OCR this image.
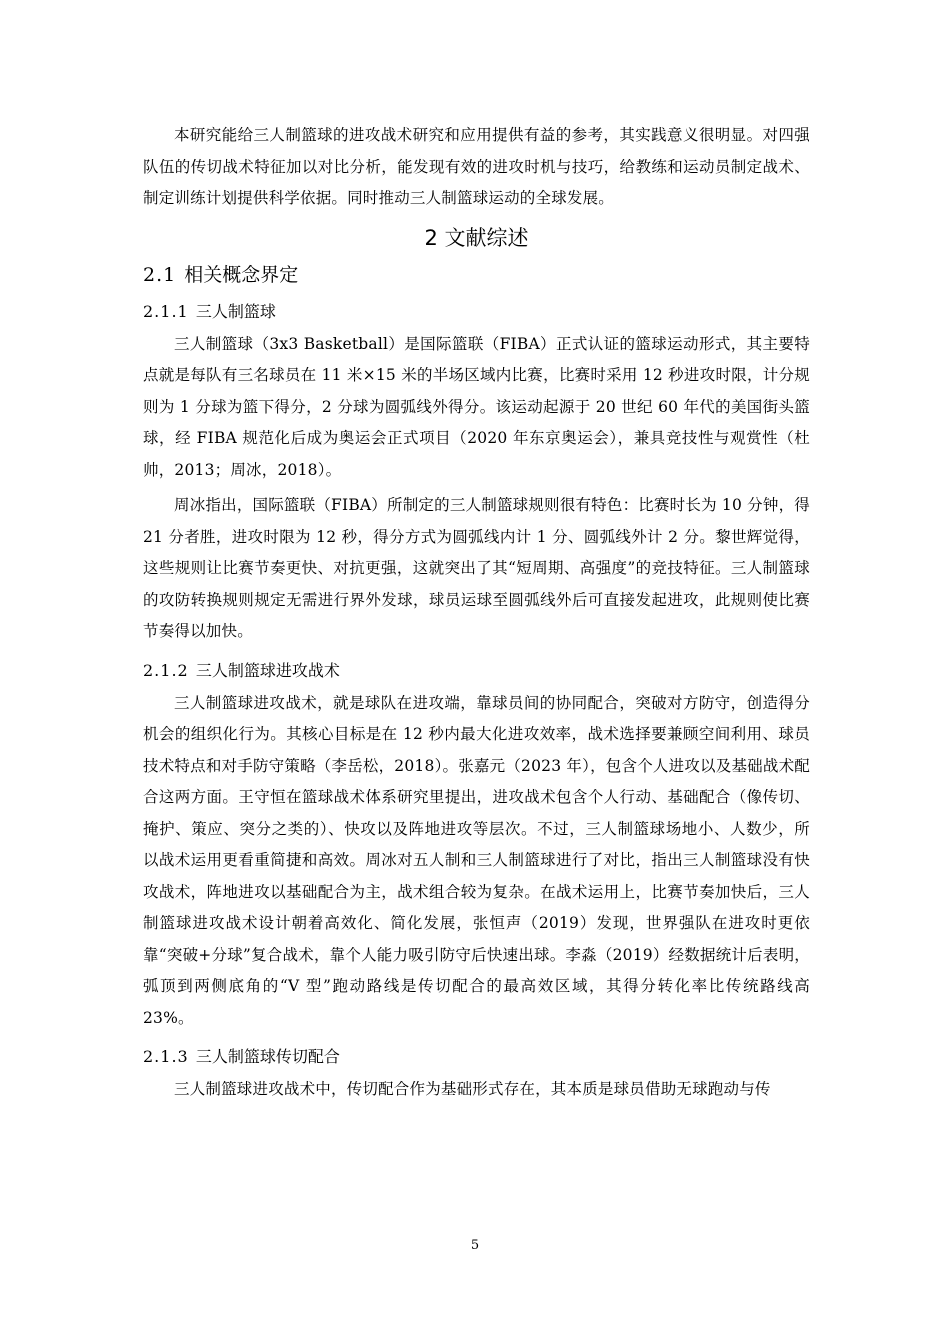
本研究能给三人制篮球的进攻战术研究和应用提供有益的参考，其实践意义很明显。对四强队伍的传切战术特征加以对比分析，能发现有效的进攻时机与技巧，给教练和运动员制定战术、制定训练计划提供科学依据。同时推动三人制篮球运动的全球发展。

2 文献综述
2.1 相关概念界定
2.1.1 三人制篮球

三人制篮球（3x3 Basketball）是国际篮联（FIBA）正式认证的篮球运动形式，其主要特点就是每队有三名球员在 11 米×15 米的半场区域内比赛，比赛时采用 12 秒进攻时限，计分规则为 1 分球为篮下得分，2 分球为圆弧线外得分。该运动起源于 20 世纪 60 年代的美国街头篮球，经 FIBA 规范化后成为奥运会正式项目（2020 年东京奥运会），兼具竞技性与观赏性（杜帅，2013；周冰，2018）。

周冰指出，国际篮联（FIBA）所制定的三人制篮球规则很有特色：比赛时长为 10 分钟，得 21 分者胜，进攻时限为 12 秒，得分方式为圆弧线内计 1 分、圆弧线外计 2 分。黎世辉觉得，这些规则让比赛节奏更快、对抗更强，这就突出了其“短周期、高强度”的竞技特征。三人制篮球的攻防转换规则规定无需进行界外发球，球员运球至圆弧线外后可直接发起进攻，此规则使比赛节奏得以加快。

2.1.2 三人制篮球进攻战术

三人制篮球进攻战术，就是球队在进攻端，靠球员间的协同配合，突破对方防守，创造得分机会的组织化行为。其核心目标是在 12 秒内最大化进攻效率，战术选择要兼顾空间利用、球员技术特点和对手防守策略（李岳松，2018）。张嘉元（2023 年），包含个人进攻以及基础战术配合这两方面。王守恒在篮球战术体系研究里提出，进攻战术包含个人行动、基础配合（像传切、掩护、策应、突分之类的）、快攻以及阵地进攻等层次。不过，三人制篮球场地小、人数少，所以战术运用更看重简捷和高效。周冰对五人制和三人制篮球进行了对比，指出三人制篮球没有快攻战术，阵地进攻以基础配合为主，战术组合较为复杂。在战术运用上，比赛节奏加快后，三人制篮球进攻战术设计朝着高效化、简化发展，张恒声（2019）发现，世界强队在进攻时更依靠“突破+分球”复合战术，靠个人能力吸引防守后快速出球。李淼（2019）经数据统计后表明，弧顶到两侧底角的“V 型”跑动路线是传切配合的最高效区域，其得分转化率比传统路线高 23%。

2.1.3 三人制篮球传切配合

三人制篮球进攻战术中，传切配合作为基础形式存在，其本质是球员借助无球跑动与传

5
